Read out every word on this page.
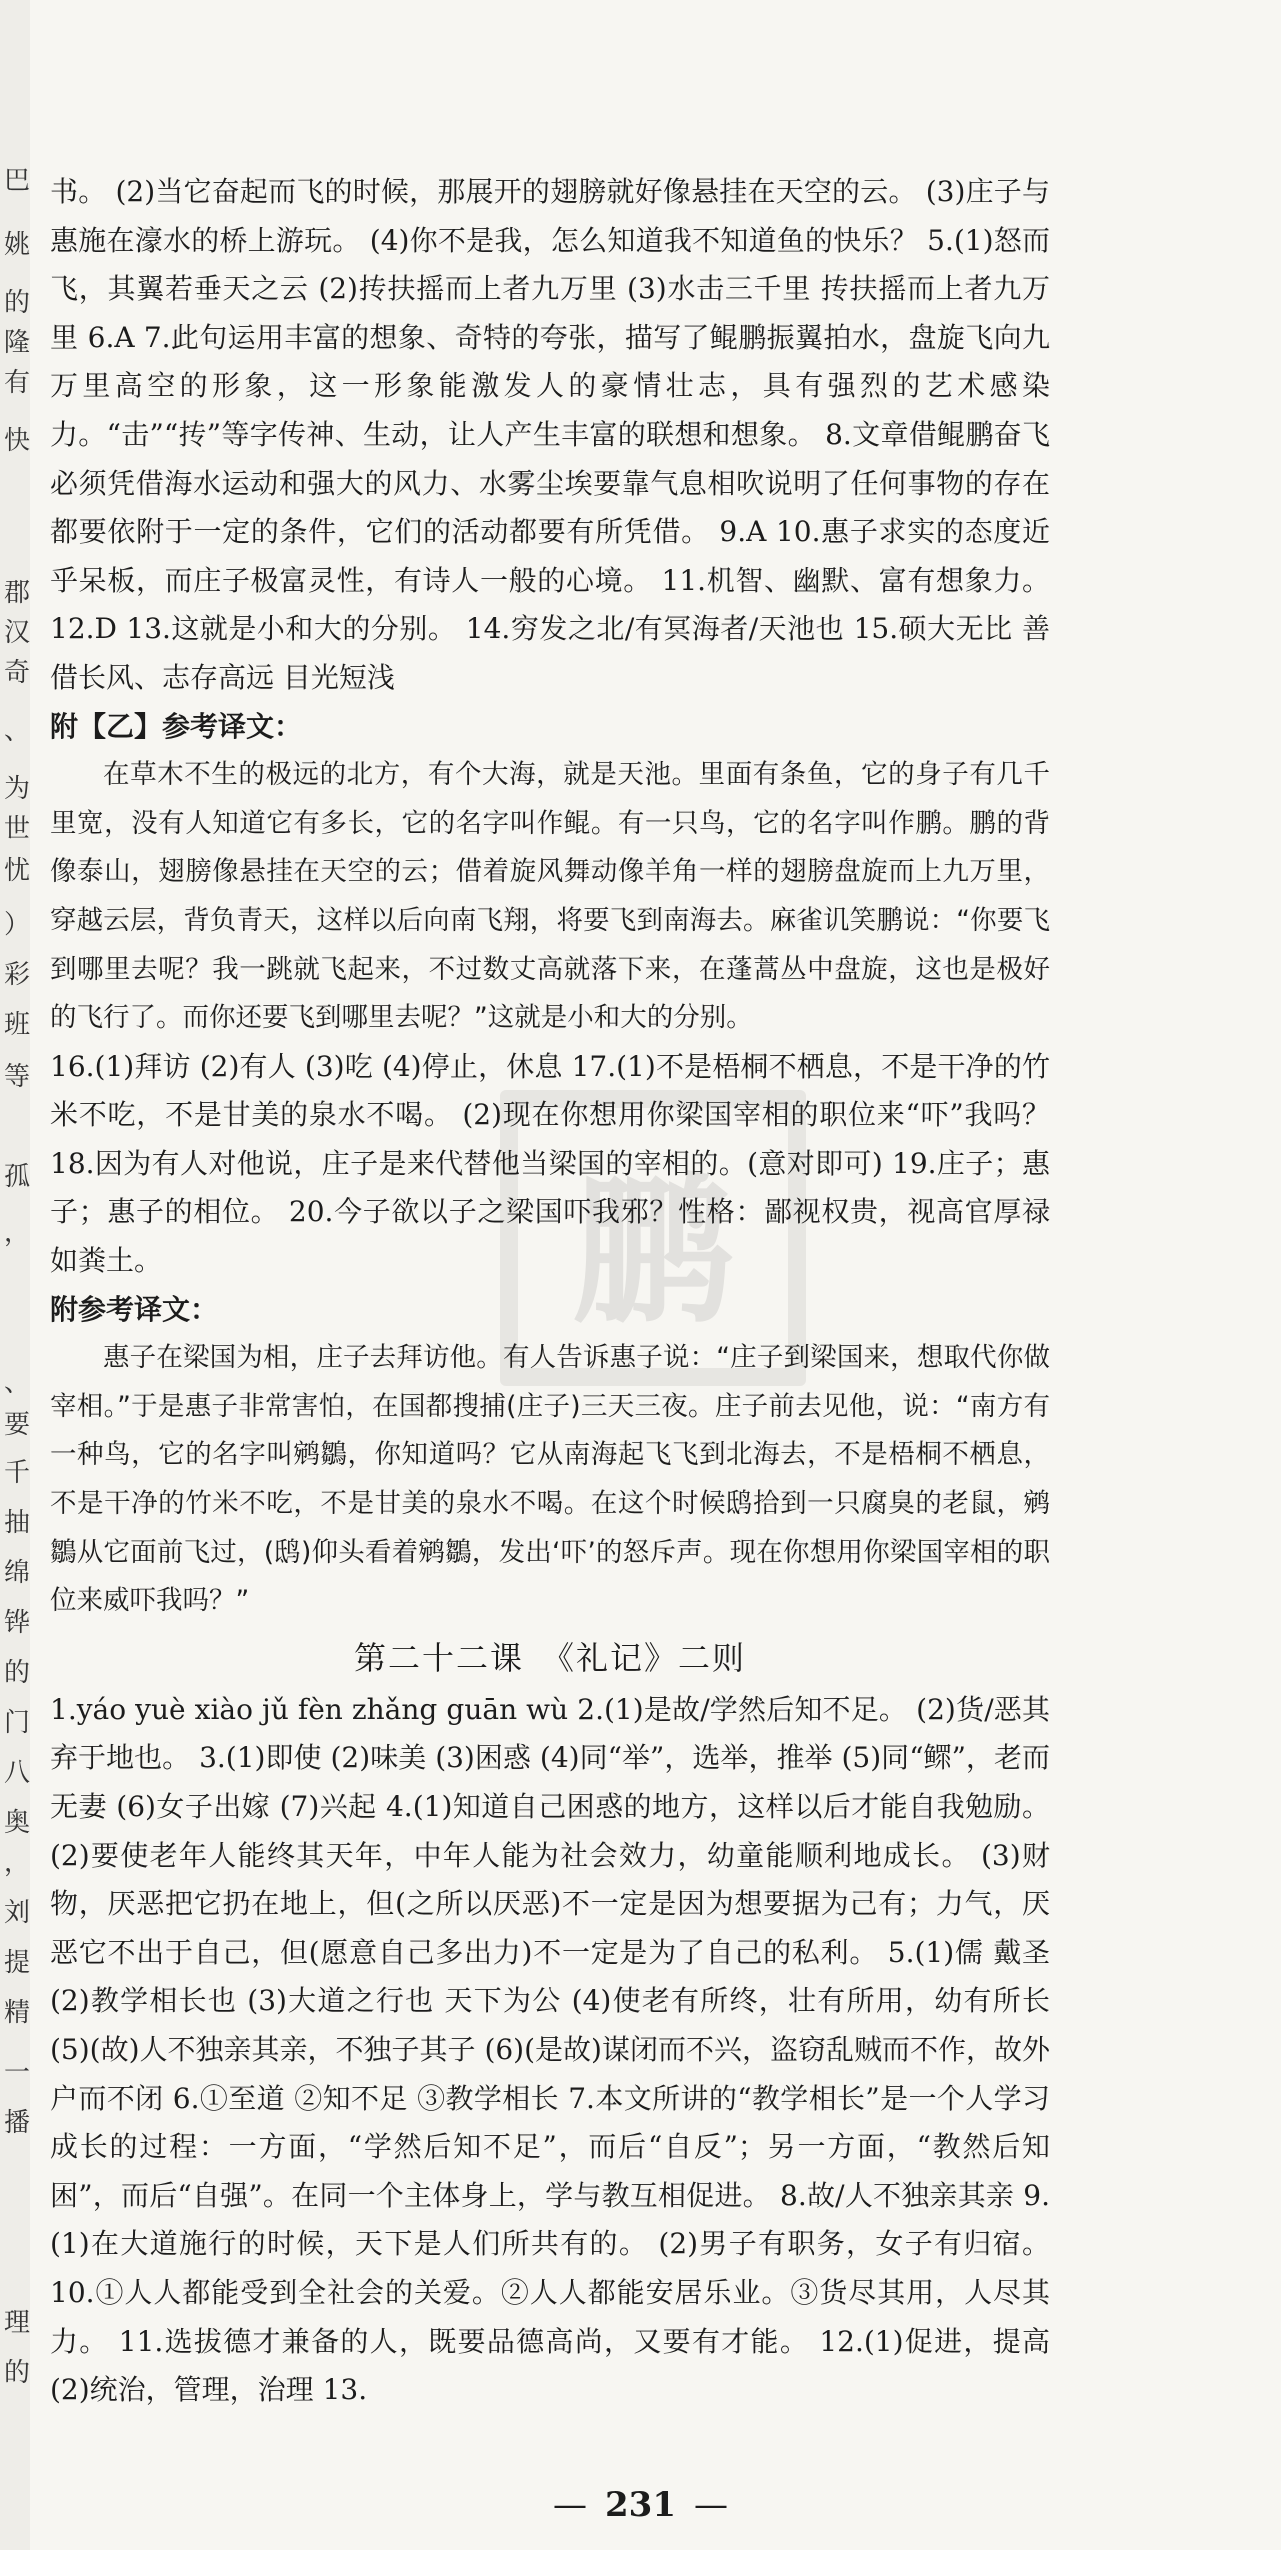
巴
姚
的
隆
有
快
郡
汉
奇
、
为
世
忧
）
彩
班
等
孤
，
、
要
千
抽
绵
铧
的
门
八
奥
，
刘
提
精
一
播
理
的
鹏

书。 (2)当它奋起而飞的时候，那展开的翅膀就好像悬挂在天空的云。 (3)庄子与惠施在濠水的桥上游玩。 (4)你不是我，怎么知道我不知道鱼的快乐？ 5.(1)怒而飞，其翼若垂天之云 (2)抟扶摇而上者九万里 (3)水击三千里 抟扶摇而上者九万里 6.A 7.此句运用丰富的想象、奇特的夸张，描写了鲲鹏振翼拍水，盘旋飞向九万里高空的形象，这一形象能激发人的豪情壮志，具有强烈的艺术感染力。“击”“抟”等字传神、生动，让人产生丰富的联想和想象。 8.文章借鲲鹏奋飞必须凭借海水运动和强大的风力、水雾尘埃要靠气息相吹说明了任何事物的存在都要依附于一定的条件，它们的活动都要有所凭借。 9.A 10.惠子求实的态度近乎呆板，而庄子极富灵性，有诗人一般的心境。 11.机智、幽默、富有想象力。 12.D 13.这就是小和大的分别。 14.穷发之北/有冥海者/天池也 15.硕大无比 善借长风、志存高远 目光短浅

附【乙】参考译文：

在草木不生的极远的北方，有个大海，就是天池。里面有条鱼，它的身子有几千里宽，没有人知道它有多长，它的名字叫作鲲。有一只鸟，它的名字叫作鹏。鹏的背像泰山，翅膀像悬挂在天空的云；借着旋风舞动像羊角一样的翅膀盘旋而上九万里，穿越云层，背负青天，这样以后向南飞翔，将要飞到南海去。麻雀讥笑鹏说：“你要飞到哪里去呢？我一跳就飞起来，不过数丈高就落下来，在蓬蒿丛中盘旋，这也是极好的飞行了。而你还要飞到哪里去呢？”这就是小和大的分别。

16.(1)拜访 (2)有人 (3)吃 (4)停止，休息 17.(1)不是梧桐不栖息，不是干净的竹米不吃，不是甘美的泉水不喝。 (2)现在你想用你梁国宰相的职位来“吓”我吗？ 18.因为有人对他说，庄子是来代替他当梁国的宰相的。(意对即可) 19.庄子；惠子；惠子的相位。 20.今子欲以子之梁国吓我邪？性格：鄙视权贵，视高官厚禄如粪土。

附参考译文：

惠子在梁国为相，庄子去拜访他。有人告诉惠子说：“庄子到梁国来，想取代你做宰相。”于是惠子非常害怕，在国都搜捕(庄子)三天三夜。庄子前去见他，说：“南方有一种鸟，它的名字叫鹓鶵，你知道吗？它从南海起飞飞到北海去，不是梧桐不栖息，不是干净的竹米不吃，不是甘美的泉水不喝。在这个时候鸱拾到一只腐臭的老鼠，鹓鶵从它面前飞过，(鸱)仰头看着鹓鶵，发出‘吓’的怒斥声。现在你想用你梁国宰相的职位来威吓我吗？”

第二十二课　《礼记》二则

1.yáo yuè xiào jǔ fèn zhǎng guān wù 2.(1)是故/学然后知不足。 (2)货/恶其弃于地也。 3.(1)即使 (2)味美 (3)困惑 (4)同“举”，选举，推举 (5)同“鳏”，老而无妻 (6)女子出嫁 (7)兴起 4.(1)知道自己困惑的地方，这样以后才能自我勉励。 (2)要使老年人能终其天年，中年人能为社会效力，幼童能顺利地成长。 (3)财物，厌恶把它扔在地上，但(之所以厌恶)不一定是因为想要据为己有；力气，厌恶它不出于自己，但(愿意自己多出力)不一定是为了自己的私利。 5.(1)儒 戴圣 (2)教学相长也 (3)大道之行也 天下为公 (4)使老有所终，壮有所用，幼有所长 (5)(故)人不独亲其亲，不独子其子 (6)(是故)谋闭而不兴，盗窃乱贼而不作，故外户而不闭 6.①至道 ②知不足 ③教学相长 7.本文所讲的“教学相长”是一个人学习成长的过程：一方面，“学然后知不足”，而后“自反”；另一方面，“教然后知困”，而后“自强”。在同一个主体身上，学与教互相促进。 8.故/人不独亲其亲 9.(1)在大道施行的时候，天下是人们所共有的。 (2)男子有职务，女子有归宿。 10.①人人都能受到全社会的关爱。②人人都能安居乐业。③货尽其用，人尽其力。 11.选拔德才兼备的人，既要品德高尚，又要有才能。 12.(1)促进，提高 (2)统治，管理，治理 13.

— 231 —
